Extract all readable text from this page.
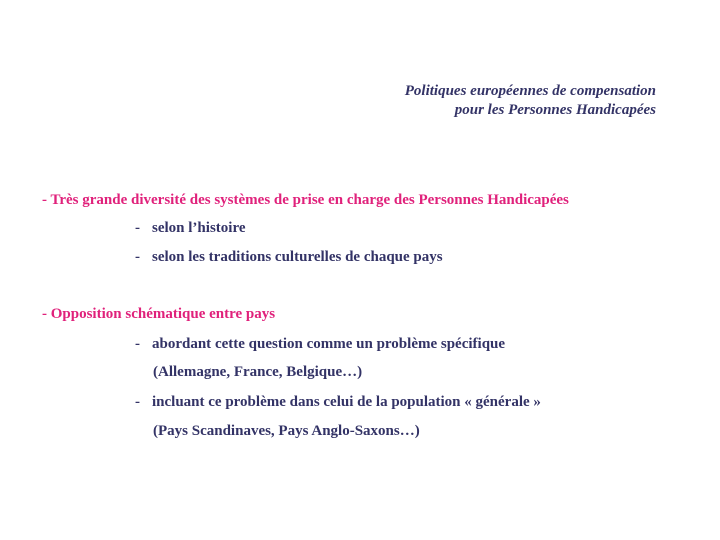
Politiques européennes de compensation
pour les Personnes Handicapées
- Très grande diversité des systèmes de prise en charge des Personnes Handicapées
- selon l’histoire
- selon les traditions culturelles de chaque pays
- Opposition schématique entre pays
- abordant cette question comme un problème spécifique
(Allemagne, France, Belgique…)
- incluant ce problème dans celui de la population « générale »
(Pays Scandinaves, Pays Anglo-Saxons…)
